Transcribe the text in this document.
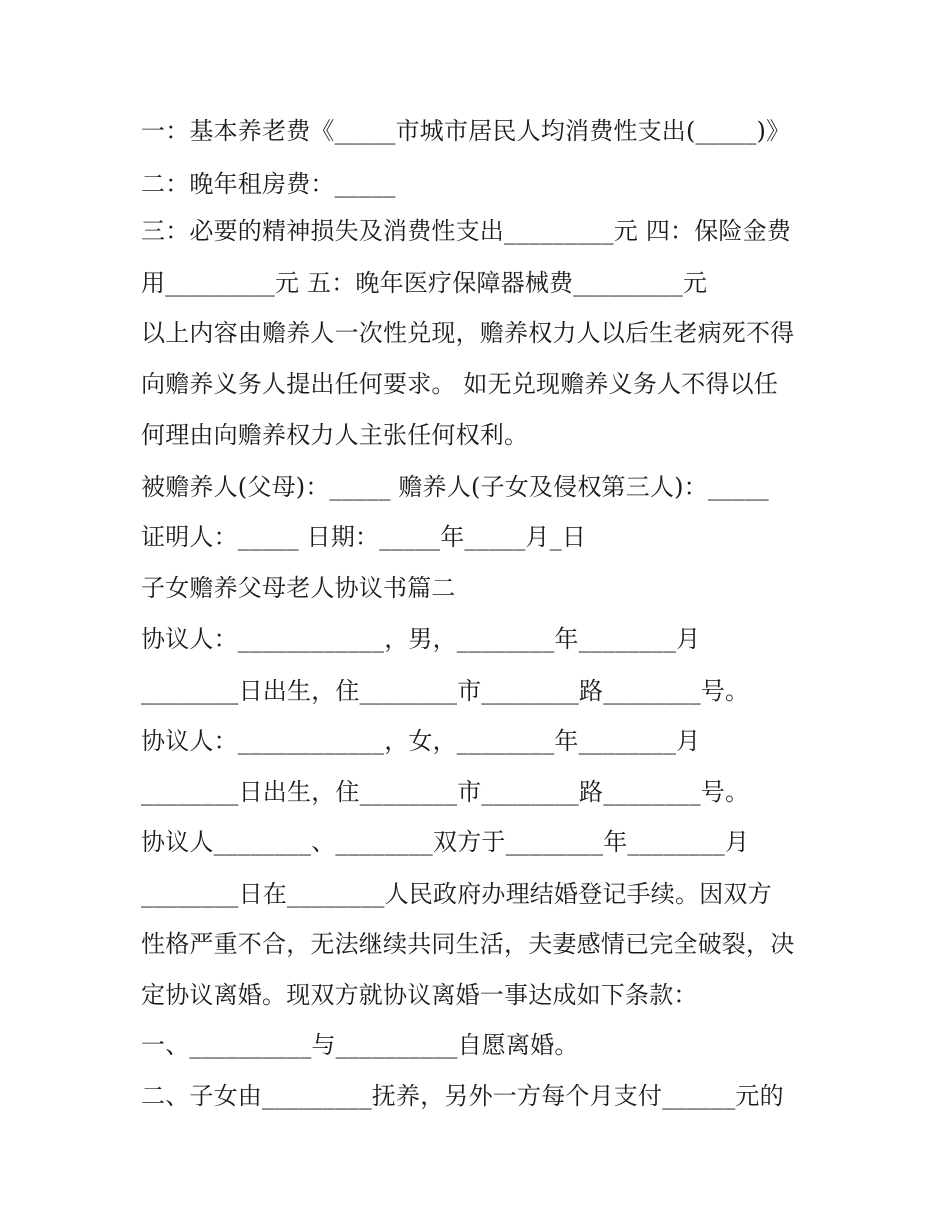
一：基本养老费《_____市城市居民人均消费性支出(_____)》
二：晚年租房费：_____
三：必要的精神损失及消费性支出_________元 四：保险金费
用_________元 五：晚年医疗保障器械费_________元
以上内容由赡养人一次性兑现，赡养权力人以后生老病死不得
向赡养义务人提出任何要求。 如无兑现赡养义务人不得以任
何理由向赡养权力人主张任何权利。
被赡养人(父母)：_____ 赡养人(子女及侵权第三人)：_____
证明人：_____ 日期：_____年_____月_日
子女赡养父母老人协议书篇二
协议人：____________，男，________年________月
________日出生，住________市________路________号。
协议人：____________，女，________年________月
________日出生，住________市________路________号。
协议人________、________双方于________年________月
________日在________人民政府办理结婚登记手续。因双方
性格严重不合，无法继续共同生活，夫妻感情已完全破裂，决
定协议离婚。现双方就协议离婚一事达成如下条款：
一、__________与__________自愿离婚。
二、子女由_________抚养，另外一方每个月支付______元的
